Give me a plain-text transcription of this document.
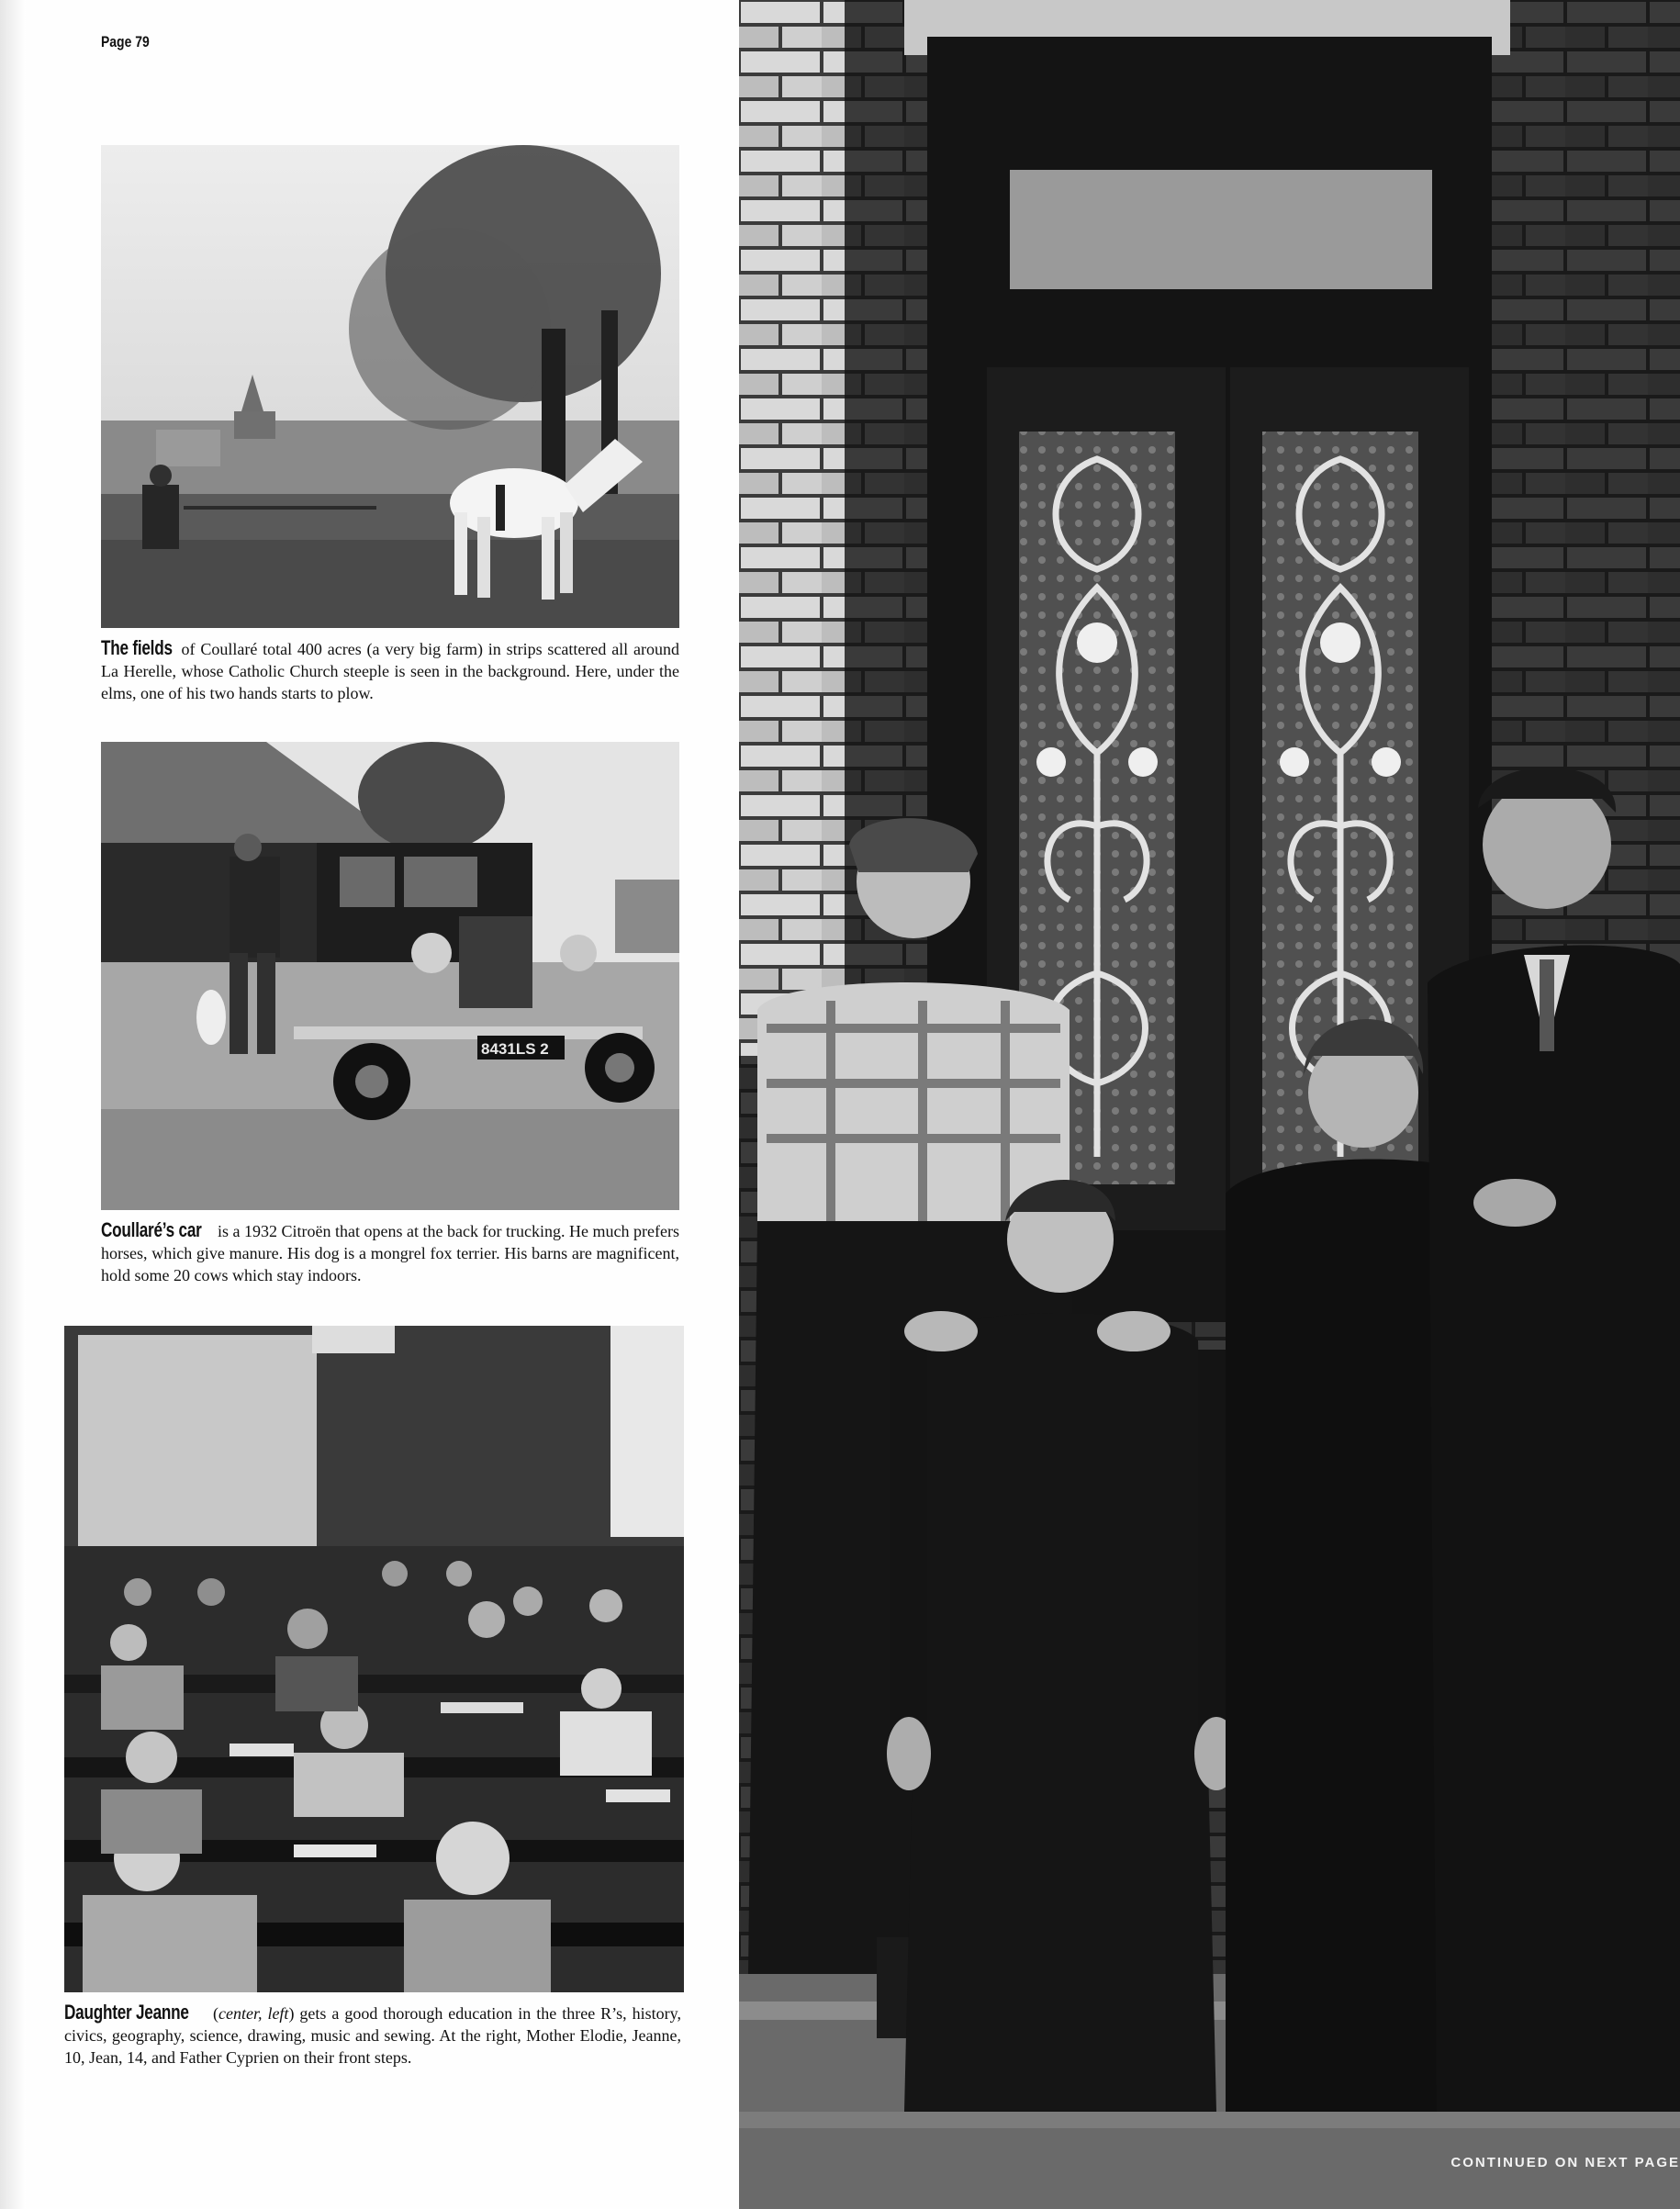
Page 79
The fields of Coullaré total 400 acres (a very big farm) in strips scattered all around La Herelle, whose Catholic Church steeple is seen in the background. Here, under the elms, one of his two hands starts to plow.
8431LS 2
Coullaré’s car is a 1932 Citroën that opens at the back for trucking. He much prefers horses, which give manure. His dog is a mongrel fox terrier. His barns are magnificent, hold some 20 cows which stay indoors.
Daughter Jeanne (center, left) gets a good thorough education in the three R’s, history, civics, geography, science, drawing, music and sewing. At the right, Mother Elodie, Jeanne, 10, Jean, 14, and Father Cyprien on their front steps.
CONTINUED ON NEXT PAGE
